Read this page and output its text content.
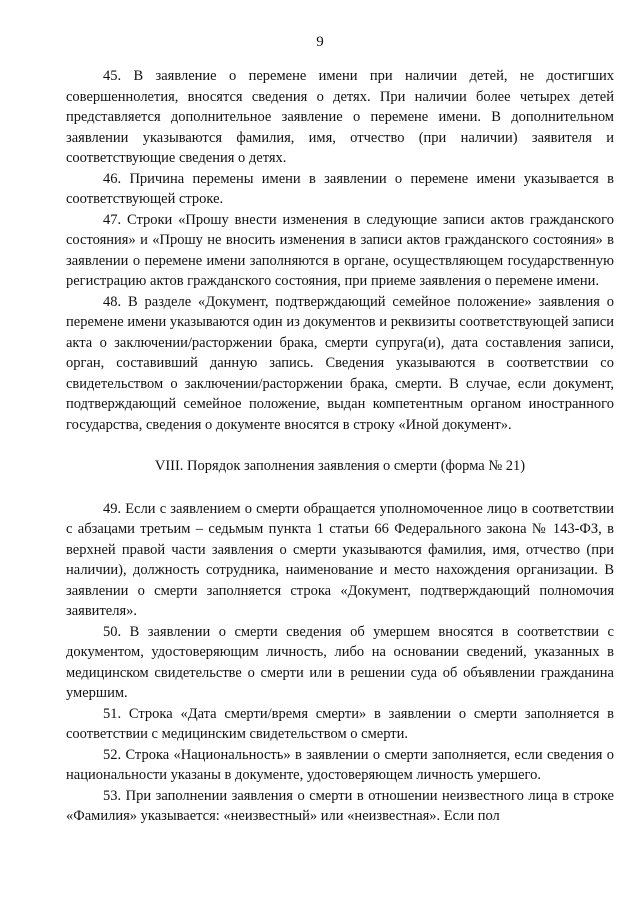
9

45. В заявление о перемене имени при наличии детей, не достигших совершеннолетия, вносятся сведения о детях. При наличии более четырех детей представляется дополнительное заявление о перемене имени. В дополнительном заявлении указываются фамилия, имя, отчество (при наличии) заявителя и соответствующие сведения о детях.

46. Причина перемены имени в заявлении о перемене имени указывается в соответствующей строке.

47. Строки «Прошу внести изменения в следующие записи актов гражданского состояния» и «Прошу не вносить изменения в записи актов гражданского состояния» в заявлении о перемене имени заполняются в органе, осуществляющем государственную регистрацию актов гражданского состояния, при приеме заявления о перемене имени.

48. В разделе «Документ, подтверждающий семейное положение» заявления о перемене имени указываются один из документов и реквизиты соответствующей записи акта о заключении/расторжении брака, смерти супруга(и), дата составления записи, орган, составивший данную запись. Сведения указываются в соответствии со свидетельством о заключении/расторжении брака, смерти. В случае, если документ, подтверждающий семейное положение, выдан компетентным органом иностранного государства, сведения о документе вносятся в строку «Иной документ».

VIII. Порядок заполнения заявления о смерти (форма № 21)

49. Если с заявлением о смерти обращается уполномоченное лицо в соответствии с абзацами третьим – седьмым пункта 1 статьи 66 Федерального закона № 143-ФЗ, в верхней правой части заявления о смерти указываются фамилия, имя, отчество (при наличии), должность сотрудника, наименование и место нахождения организации. В заявлении о смерти заполняется строка «Документ, подтверждающий полномочия заявителя».

50. В заявлении о смерти сведения об умершем вносятся в соответствии с документом, удостоверяющим личность, либо на основании сведений, указанных в медицинском свидетельстве о смерти или в решении суда об объявлении гражданина умершим.

51. Строка «Дата смерти/время смерти» в заявлении о смерти заполняется в соответствии с медицинским свидетельством о смерти.

52. Строка «Национальность» в заявлении о смерти заполняется, если сведения о национальности указаны в документе, удостоверяющем личность умершего.

53. При заполнении заявления о смерти в отношении неизвестного лица в строке «Фамилия» указывается: «неизвестный» или «неизвестная». Если пол
